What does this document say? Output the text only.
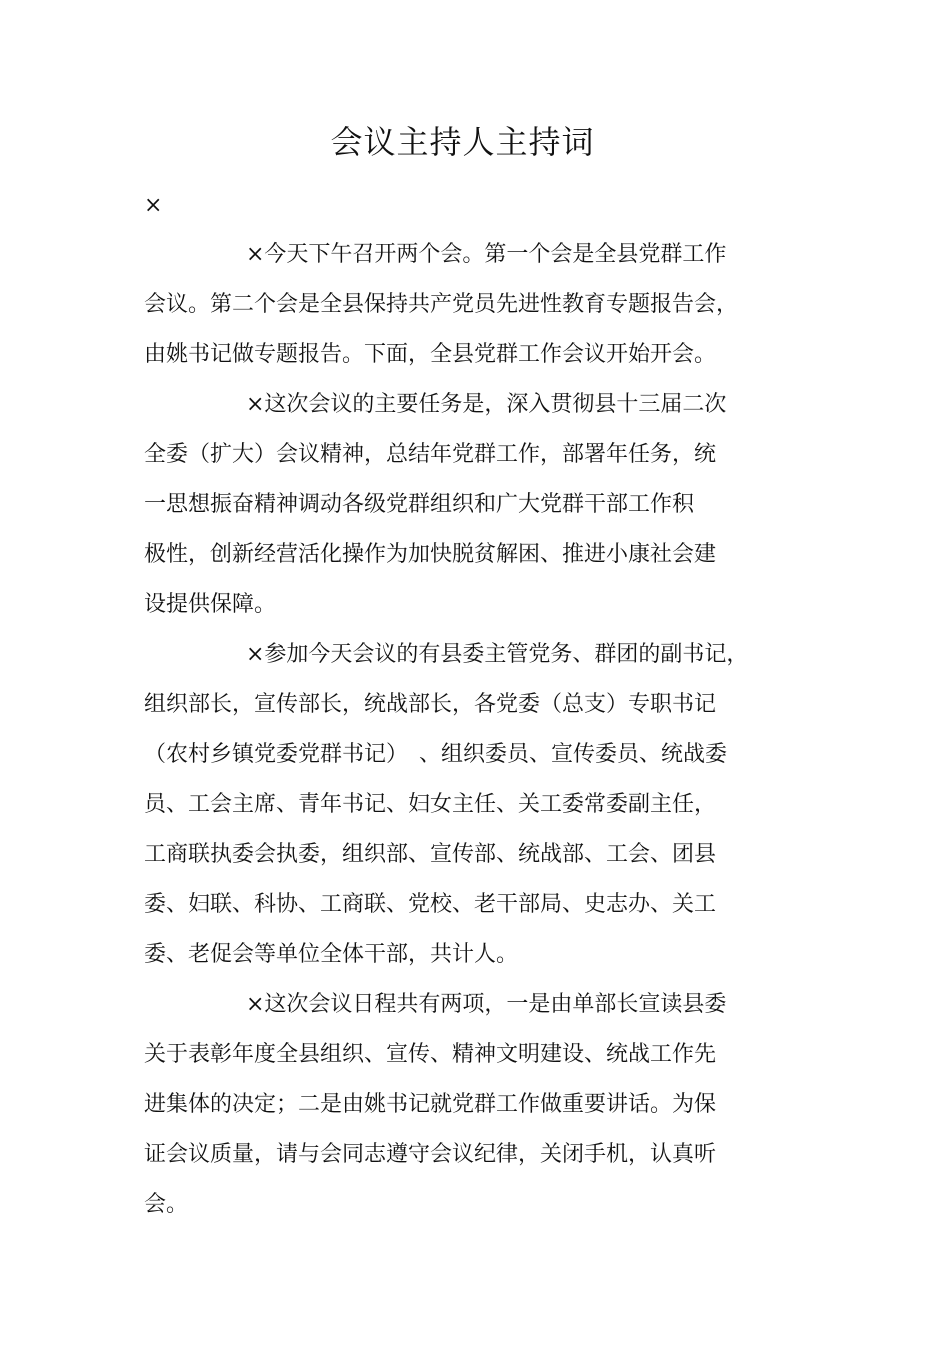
会议主持人主持词
×
×今天下午召开两个会。第一个会是全县党群工作
会议。第二个会是全县保持共产党员先进性教育专题报告会，
由姚书记做专题报告。下面，全县党群工作会议开始开会。
×这次会议的主要任务是，深入贯彻县十三届二次
全委（扩大）会议精神，总结年党群工作，部署年任务，统
一思想振奋精神调动各级党群组织和广大党群干部工作积
极性，创新经营活化操作为加快脱贫解困、推进小康社会建
设提供保障。
×参加今天会议的有县委主管党务、群团的副书记，
组织部长，宣传部长，统战部长，各党委（总支）专职书记
（农村乡镇党委党群书记）　、组织委员、宣传委员、统战委
员、工会主席、青年书记、妇女主任、关工委常委副主任，
工商联执委会执委，组织部、宣传部、统战部、工会、团县
委、妇联、科协、工商联、党校、老干部局、史志办、关工
委、老促会等单位全体干部，共计人。
×这次会议日程共有两项，一是由单部长宣读县委
关于表彰年度全县组织、宣传、精神文明建设、统战工作先
进集体的决定；二是由姚书记就党群工作做重要讲话。为保
证会议质量，请与会同志遵守会议纪律，关闭手机，认真听
会。
